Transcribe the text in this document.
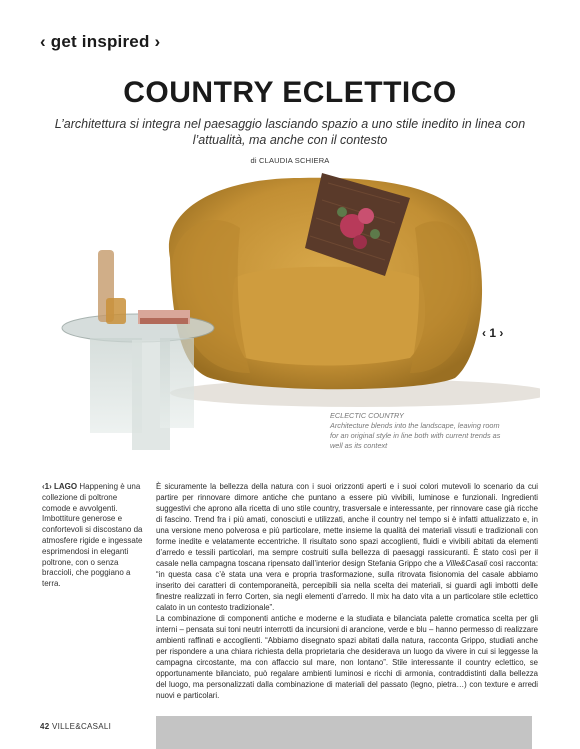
‹ get inspired ›
COUNTRY ECLETTICO
L’architettura si integra nel paesaggio lasciando spazio a uno stile inedito in linea con l’attualità, ma anche con il contesto
di CLAUDIA SCHIERA
‹ 1 ›
ECLECTIC COUNTRY
Architecture blends into the landscape, leaving room for an original style in line both with current trends as well as its context
‹1› LAGO Happening è una collezione di poltrone comode e avvolgenti. Imbottiture generose e confortevoli si discostano da atmosfere rigide e ingessate esprimendosi in eleganti poltrone, con o senza braccioli, che poggiano a terra.

È sicuramente la bellezza della natura con i suoi orizzonti aperti e i suoi colori mutevoli lo scenario da cui partire per rinnovare dimore antiche che puntano a essere più vivibili, luminose e funzionali. Ingredienti suggestivi che aprono alla ricetta di uno stile country, trasversale e interessante, per rinnovare case già ricche di fascino. Trend fra i più amati, conosciuti e utilizzati, anche il country nel tempo si è infatti attualizzato e, in una versione meno polverosa e più particolare, mette insieme la qualità dei materiali vissuti e tradizionali con forme inedite e velatamente eccentriche. Il risultato sono spazi accoglienti, fluidi e vivibili abitati da elementi d’arredo e tessili particolari, ma sempre costruiti sulla bellezza di paesaggi rassicuranti. È stato così per il casale nella campagna toscana ripensato dall’interior design Stefania Grippo che a Ville&Casali così racconta: “in questa casa c’è stata una vera e propria trasformazione, sulla ritrovata fisionomia del casale abbiamo inserito dei caratteri di contemporaneità, percepibili sia nella scelta dei materiali, si guardi agli imbotti delle finestre realizzati in ferro Corten, sia negli elementi d’arredo. Il mix ha dato vita a un particolare stile eclettico calato in un contesto tradizionale”.

La combinazione di componenti antiche e moderne e la studiata e bilanciata palette cromatica scelta per gli interni – pensata sui toni neutri interrotti da incursioni di arancione, verde e blu – hanno permesso di realizzare ambienti raffinati e accoglienti. “Abbiamo disegnato spazi abitati dalla natura, racconta Grippo, studiati anche per rispondere a una chiara richiesta della proprietaria che desiderava un luogo da vivere in cui si leggesse la campagna circostante, ma con affaccio sul mare, non lontano”. Stile interessante il country eclettico, se opportunamente bilanciato, può regalare ambienti luminosi e ricchi di armonia, contraddistinti dalla bellezza del luogo, ma personalizzati dalla combinazione di materiali del passato (legno, pietra…) con texture e arredi nuovi e particolari.

42 VILLE&CASALI
